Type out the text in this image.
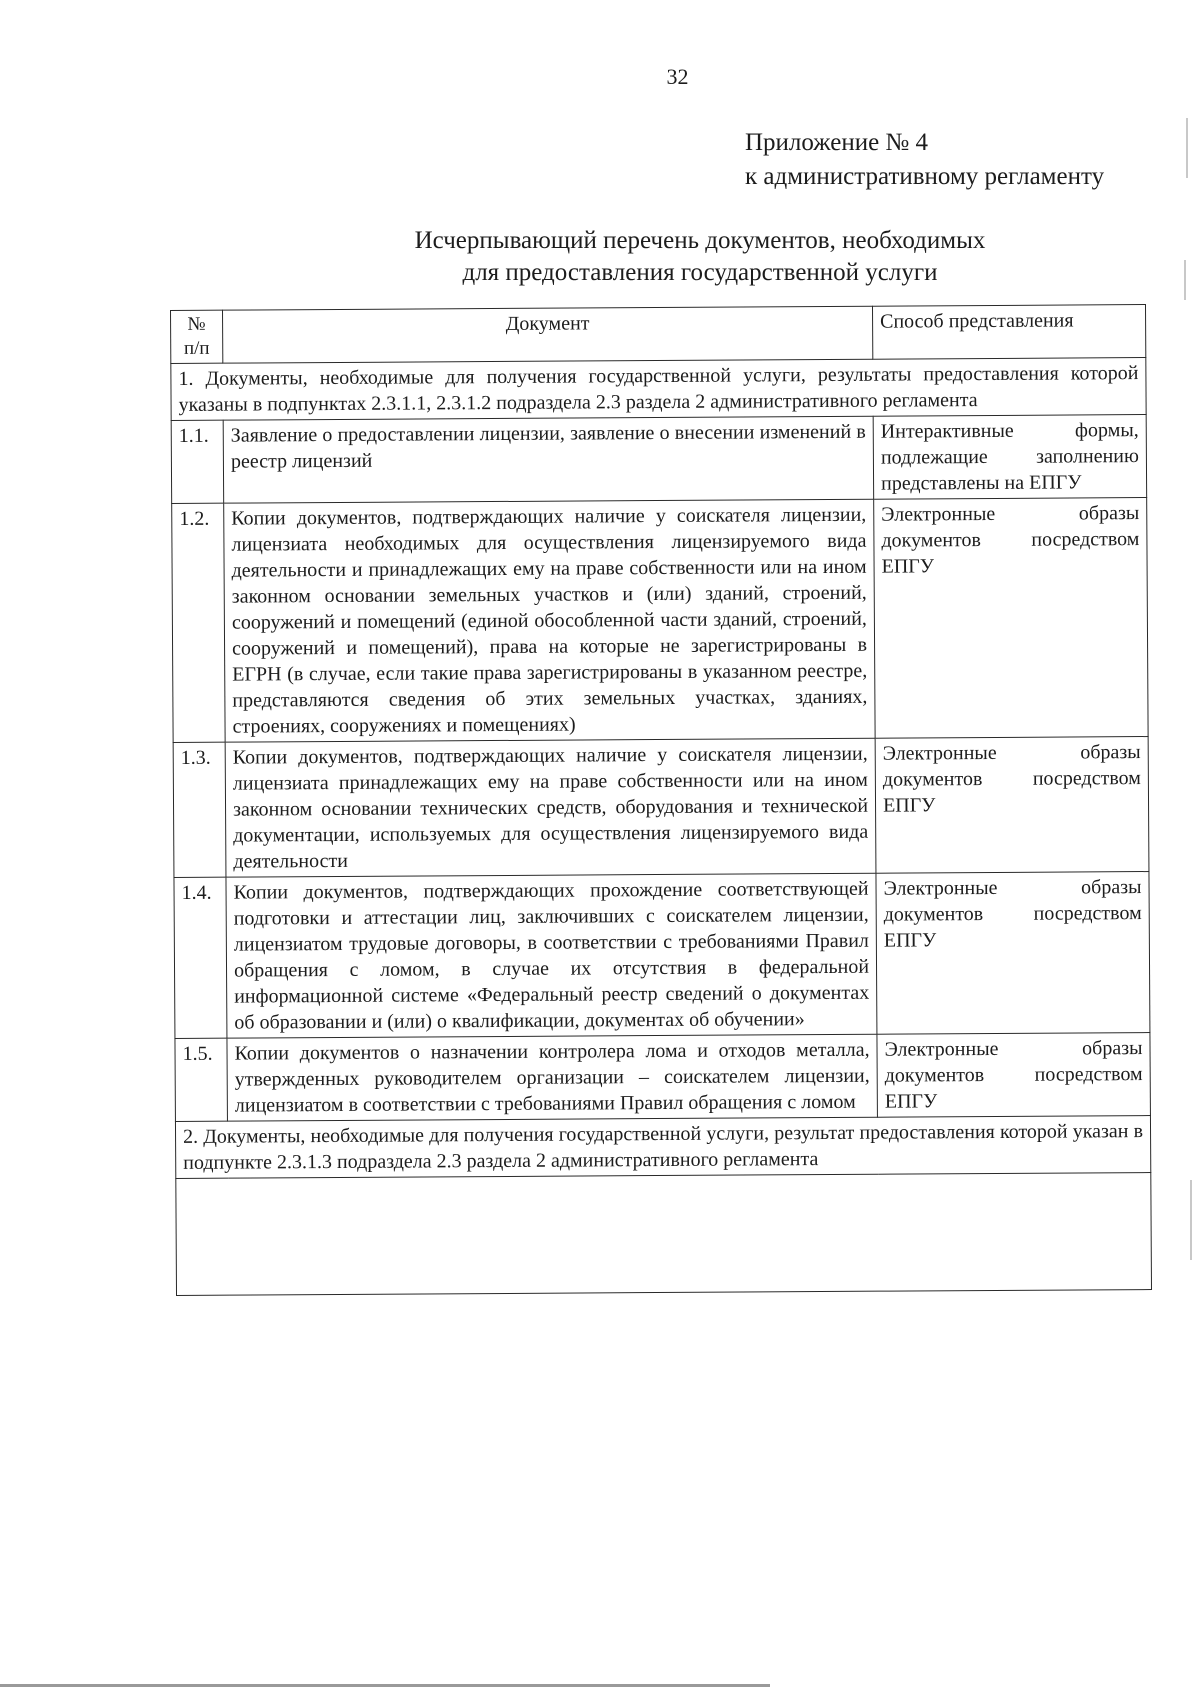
32
Приложение № 4
к административному регламенту
Исчерпывающий перечень документов, необходимых
для предоставления государственной услуги
№
п/п	Документ	Способ представления
1. Документы, необходимые для получения государственной услуги, результаты предоставления которой указаны в подпунктах 2.3.1.1, 2.3.1.2 подраздела 2.3 раздела 2 административного регламента		
1.1.	Заявление о предоставлении лицензии, заявление о внесении изменений в реестр лицензий	Интерактивные формы, подлежащие заполнению представлены на ЕПГУ
1.2.	Копии документов, подтверждающих наличие у соискателя лицензии, лицензиата необходимых для осуществления лицензируемого вида деятельности и принадлежащих ему на праве собственности или на ином законном основании земельных участков и (или) зданий, строений, сооружений и помещений (единой обособленной части зданий, строений, сооружений и помещений), права на которые не зарегистрированы в ЕГРН (в случае, если такие права зарегистрированы в указанном реестре, представляются сведения об этих земельных участках, зданиях, строениях, сооружениях и помещениях)	Электронные образы документов посредством ЕПГУ
1.3.	Копии документов, подтверждающих наличие у соискателя лицензии, лицензиата принадлежащих ему на праве собственности или на ином законном основании технических средств, оборудования и технической документации, используемых для осуществления лицензируемого вида деятельности	Электронные образы документов посредством ЕПГУ
1.4.	Копии документов, подтверждающих прохождение соответствующей подготовки и аттестации лиц, заключивших с соискателем лицензии, лицензиатом трудовые договоры, в соответствии с требованиями Правил обращения с ломом, в случае их отсутствия в федеральной информационной системе «Федеральный реестр сведений о документах об образовании и (или) о квалификации, документах об обучении»	Электронные образы документов посредством ЕПГУ
1.5.	Копии документов о назначении контролера лома и отходов металла, утвержденных руководителем организации – соискателем лицензии, лицензиатом в соответствии с требованиями Правил обращения с ломом	Электронные образы документов посредством ЕПГУ
2. Документы, необходимые для получения государственной услуги, результат предоставления которой указан в подпункте 2.3.1.3 подраздела 2.3 раздела 2 административного регламента		
